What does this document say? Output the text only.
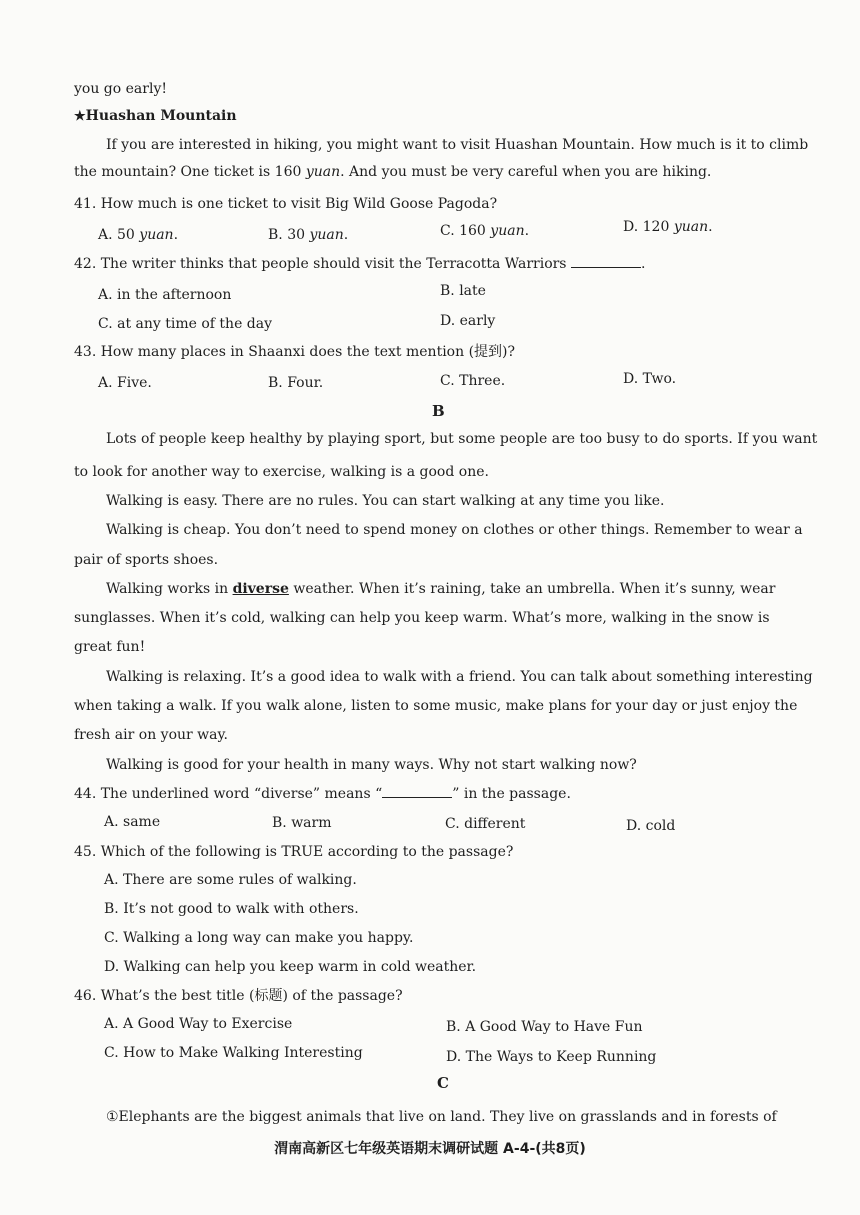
you go early!
★Huashan Mountain
If you are interested in hiking, you might want to visit Huashan Mountain. How much is it to climb
the mountain? One ticket is 160 yuan. And you must be very careful when you are hiking.
41. How much is one ticket to visit Big Wild Goose Pagoda?
A. 50 yuan.	B. 30 yuan.	C. 160 yuan.	D. 120 yuan.
42. The writer thinks that people should visit the Terracotta Warriors	.
A. in the afternoon	B. late
C. at any time of the day	D. early
43. How many places in Shaanxi does the text mention (提到)?
A. Five.	B. Four.	C. Three.	D. Two.
B
Lots of people keep healthy by playing sport, but some people are too busy to do sports. If you want
to look for another way to exercise, walking is a good one.
Walking is easy. There are no rules. You can start walking at any time you like.
Walking is cheap. You don’t need to spend money on clothes or other things. Remember to wear a
pair of sports shoes.
Walking works in diverse weather. When it’s raining, take an umbrella. When it’s sunny, wear
sunglasses. When it’s cold, walking can help you keep warm. What’s more, walking in the snow is
great fun!
Walking is relaxing. It’s a good idea to walk with a friend. You can talk about something interesting
when taking a walk. If you walk alone, listen to some music, make plans for your day or just enjoy the
fresh air on your way.
Walking is good for your health in many ways. Why not start walking now?
44. The underlined word “diverse” means “	” in the passage.
A. same	B. warm	C. different	D. cold
45. Which of the following is TRUE according to the passage?
A. There are some rules of walking.
B. It’s not good to walk with others.
C. Walking a long way can make you happy.
D. Walking can help you keep warm in cold weather.
46. What’s the best title (标题) of the passage?
A. A Good Way to Exercise	B. A Good Way to Have Fun
C. How to Make Walking Interesting	D. The Ways to Keep Running
C
①Elephants are the biggest animals that live on land. They live on grasslands and in forests of
渭南高新区七年级英语期末调研试题 A-4-(共8页)
